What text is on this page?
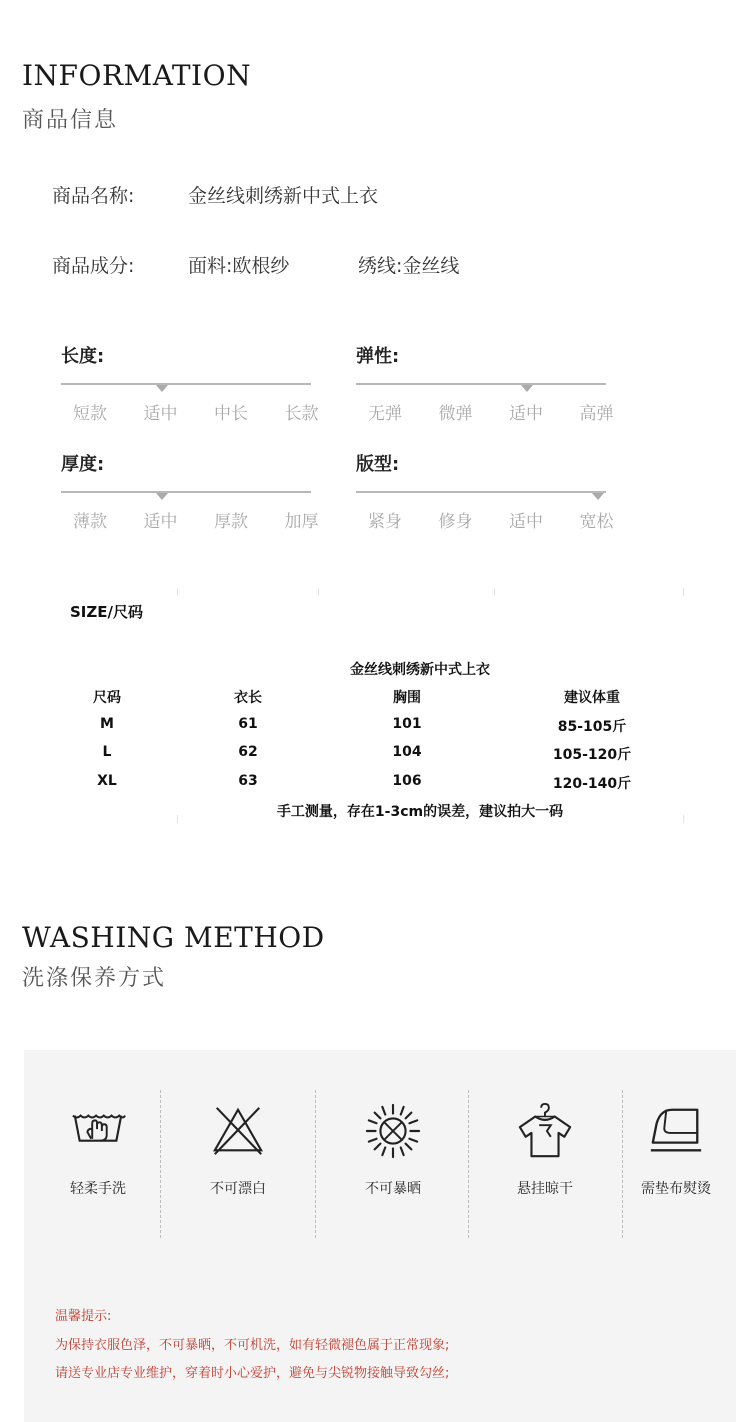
INFORMATION
商品信息
商品名称:	金丝线刺绣新中式上衣
商品成分:	面料:欧根纱	绣线:金丝线
长度:
短款	适中	中长	长款
弹性:
无弹	微弹	适中	高弹
厚度:
薄款	适中	厚款	加厚
版型:
紧身	修身	适中	宽松
SIZE/尺码
金丝线刺绣新中式上衣
尺码	衣长	胸围	建议体重
M	61	101	85-105斤
L	62	104	105-120斤
XL	63	106	120-140斤
手工测量，存在1-3cm的误差，建议拍大一码
WASHING METHOD
洗涤保养方式
轻柔手洗	不可漂白	不可暴晒	悬挂晾干	需垫布熨烫
温馨提示:
为保持衣服色泽，不可暴晒，不可机洗，如有轻微褪色属于正常现象;
请送专业店专业维护，穿着时小心爱护，避免与尖锐物接触导致勾丝;
